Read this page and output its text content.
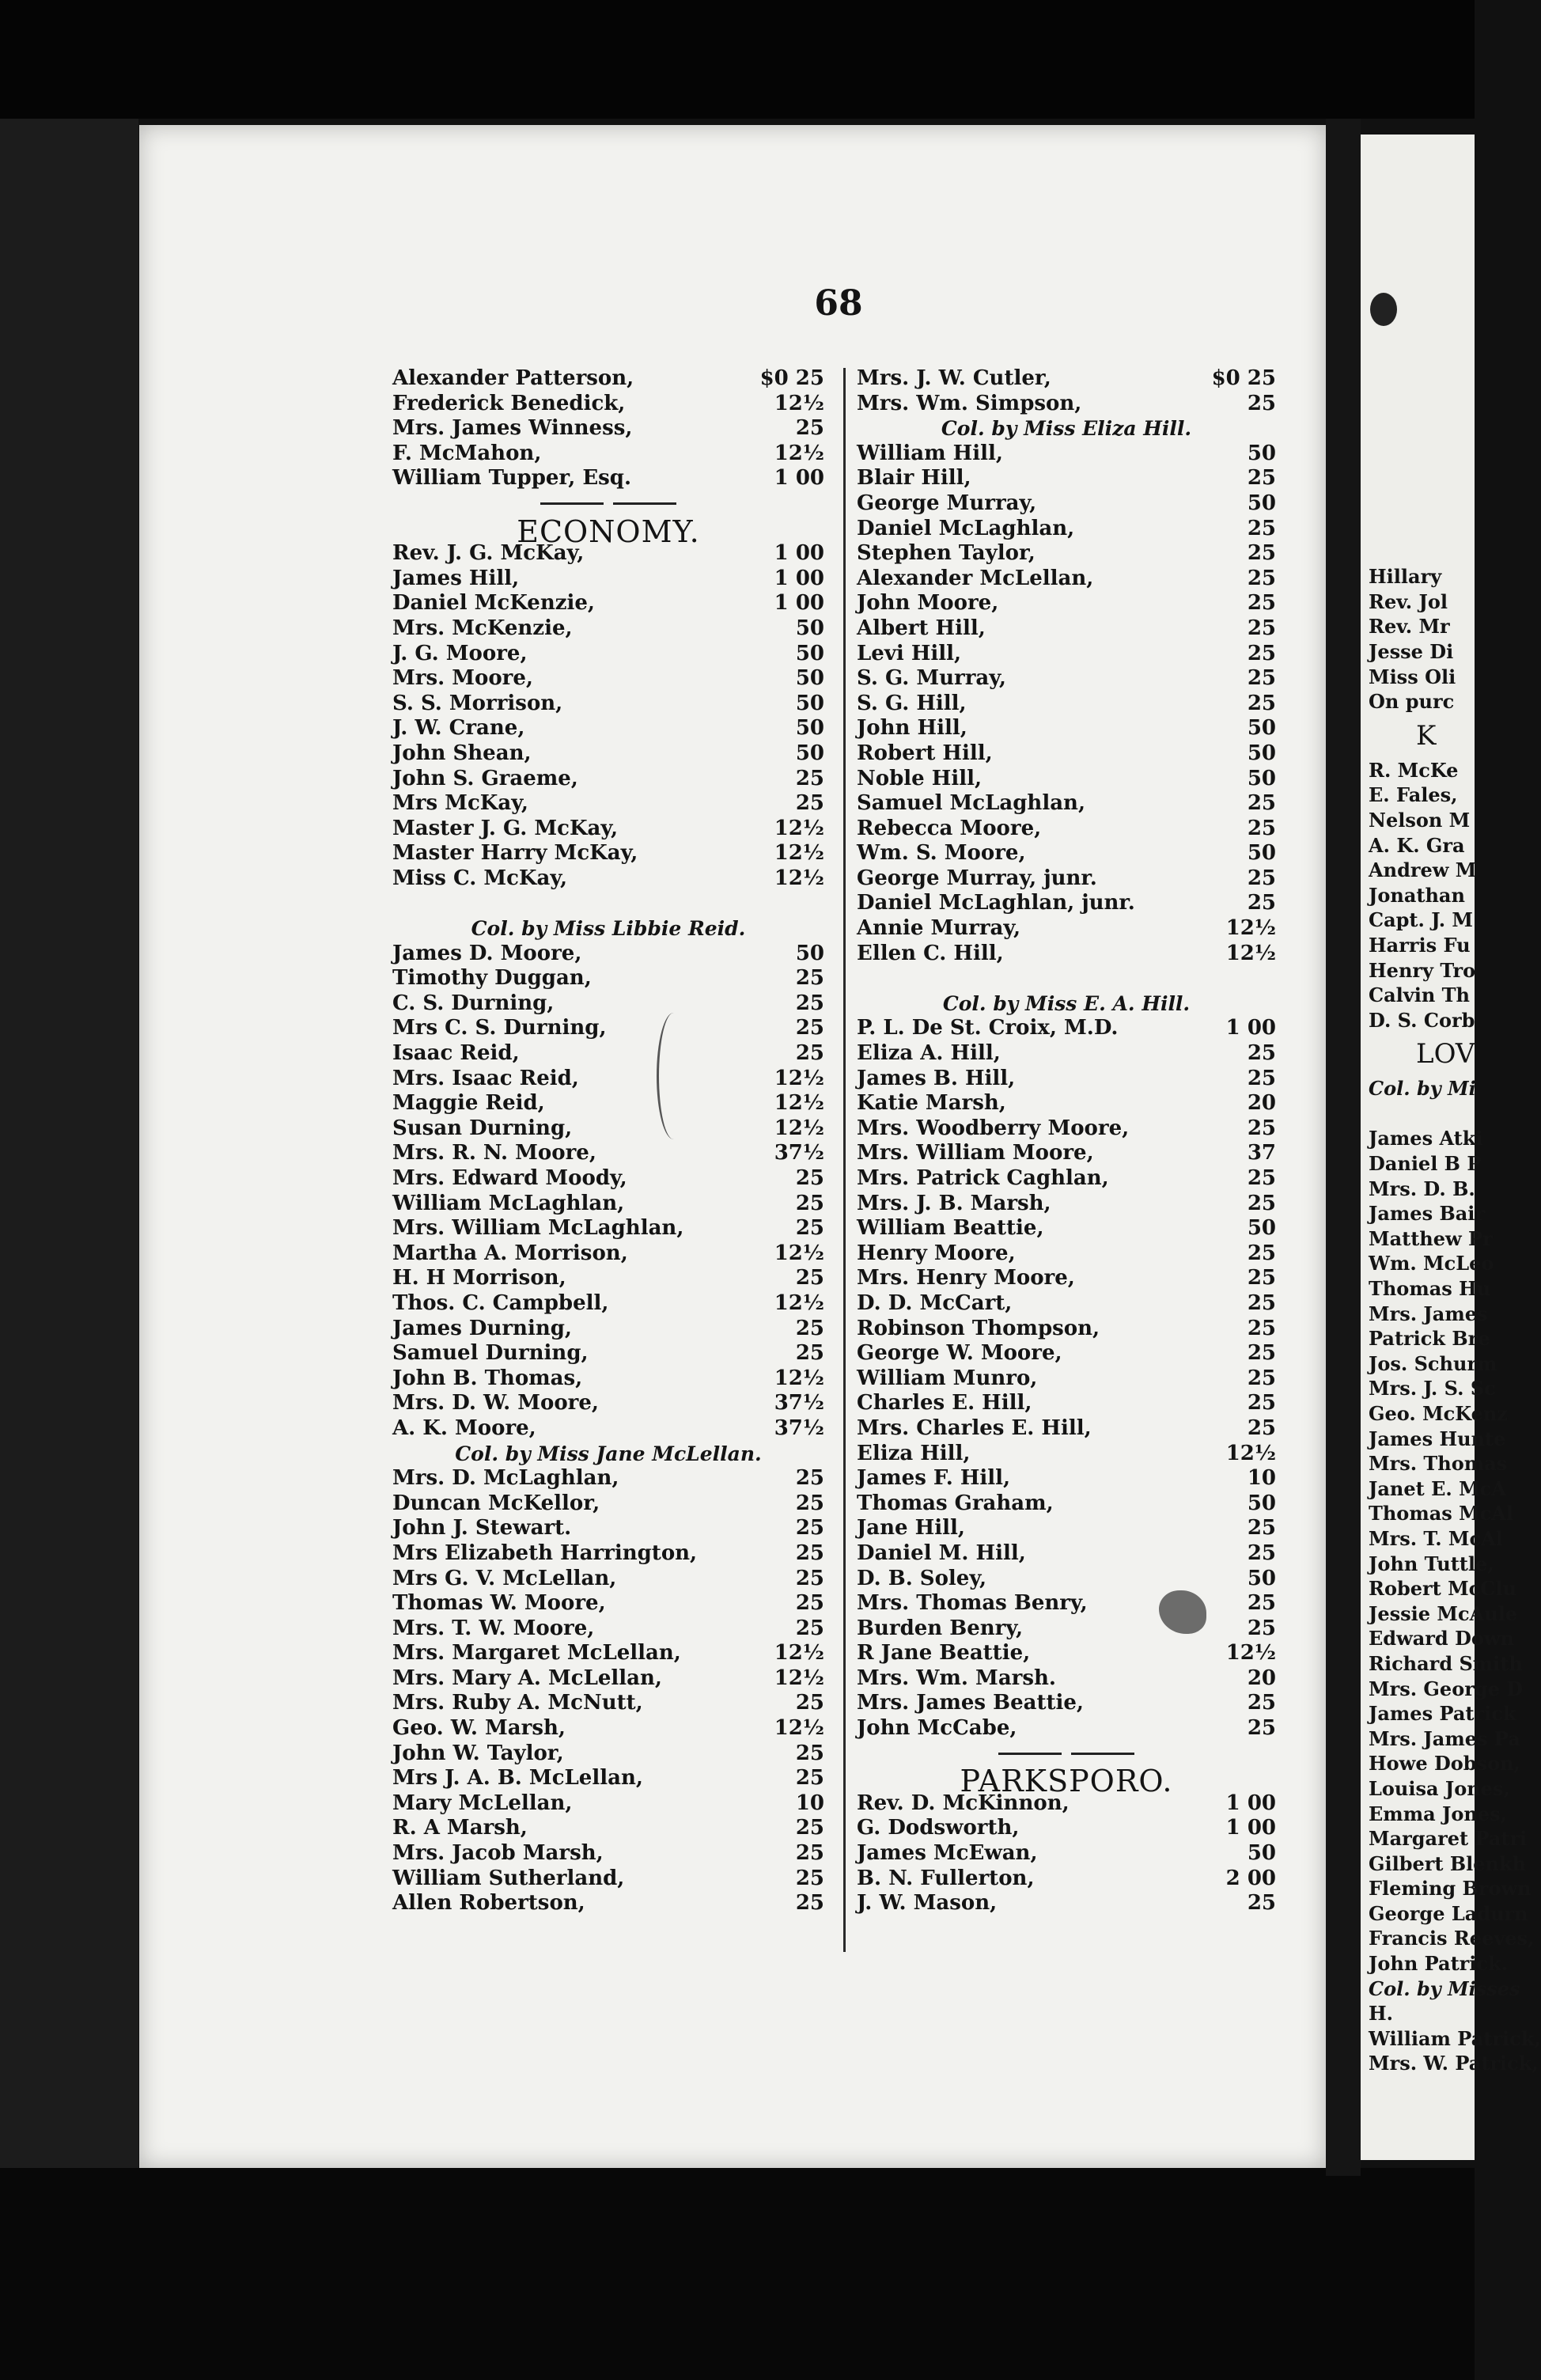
Hillary
Rev. Jol
Rev. Mr
Jesse Di
Miss Oli
On purc
K
R. McKe
E. Fales,
Nelson M
A. K. Gra
Andrew M
Jonathan
Capt. J. M
Harris Fu
Henry Tro
Calvin Th
D. S. Corb
LOV
Col. by Mi
James Atki
Daniel B P
Mrs. D. B.
James Bair
Matthew Pr
Wm. McLeo
Thomas Hu
Mrs. James
Patrick Bre
Jos. Schurm
Mrs. J. S. Sc
Geo. McKenz
James Hunte
Mrs. Thomas
Janet E. McA
Thomas McAl
Mrs. T. McAl
John Tuttle,
Robert McClu
Jessie McAule
Edward Down
Richard Smith
Mrs. George D
James Patrick
Mrs. James Pa
Howe Dobson,
Louisa Jones,
Emma Jones,
Margaret Patri
Gilbert Blenkh
Fleming Brown
George Ladurn
Francis Reeves,
John Patrick.
Col. by Misses
H.
William Patrick,
Mrs. W. Patrick,
68
Alexander Patterson,	$0 25
Frederick Benedick,	12½
Mrs. James Winness,	25
F. McMahon,	12½
William Tupper, Esq.	1 00
ECONOMY.
Rev. J. G. McKay,	1 00
James Hill,	1 00
Daniel McKenzie,	1 00
Mrs. McKenzie,	50
J. G. Moore,	50
Mrs. Moore,	50
S. S. Morrison,	50
J. W. Crane,	50
John Shean,	50
John S. Graeme,	25
Mrs McKay,	25
Master J. G. McKay,	12½
Master Harry McKay,	12½
Miss C. McKay,	12½
Col. by Miss Libbie Reid.
James D. Moore,	50
Timothy Duggan,	25
C. S. Durning,	25
Mrs C. S. Durning,	25
Isaac Reid,	25
Mrs. Isaac Reid,	12½
Maggie Reid,	12½
Susan Durning,	12½
Mrs. R. N. Moore,	37½
Mrs. Edward Moody,	25
William McLaghlan,	25
Mrs. William McLaghlan,	25
Martha A. Morrison,	12½
H. H Morrison,	25
Thos. C. Campbell,	12½
James Durning,	25
Samuel Durning,	25
John B. Thomas,	12½
Mrs. D. W. Moore,	37½
A. K. Moore,	37½
Col. by Miss Jane McLellan.
Mrs. D. McLaghlan,	25
Duncan McKellor,	25
John J. Stewart.	25
Mrs Elizabeth Harrington,	25
Mrs G. V. McLellan,	25
Thomas W. Moore,	25
Mrs. T. W. Moore,	25
Mrs. Margaret McLellan,	12½
Mrs. Mary A. McLellan,	12½
Mrs. Ruby A. McNutt,	25
Geo. W. Marsh,	12½
John W. Taylor,	25
Mrs J. A. B. McLellan,	25
Mary McLellan,	10
R. A Marsh,	25
Mrs. Jacob Marsh,	25
William Sutherland,	25
Allen Robertson,	25
Mrs. J. W. Cutler,	$0 25
Mrs. Wm. Simpson,	25
Col. by Miss Eliza Hill.
William Hill,	50
Blair Hill,	25
George Murray,	50
Daniel McLaghlan,	25
Stephen Taylor,	25
Alexander McLellan,	25
John Moore,	25
Albert Hill,	25
Levi Hill,	25
S. G. Murray,	25
S. G. Hill,	25
John Hill,	50
Robert Hill,	50
Noble Hill,	50
Samuel McLaghlan,	25
Rebecca Moore,	25
Wm. S. Moore,	50
George Murray, junr.	25
Daniel McLaghlan, junr.	25
Annie Murray,	12½
Ellen C. Hill,	12½
Col. by Miss E. A. Hill.
P. L. De St. Croix, M.D.	1 00
Eliza A. Hill,	25
James B. Hill,	25
Katie Marsh,	20
Mrs. Woodberry Moore,	25
Mrs. William Moore,	37
Mrs. Patrick Caghlan,	25
Mrs. J. B. Marsh,	25
William Beattie,	50
Henry Moore,	25
Mrs. Henry Moore,	25
D. D. McCart,	25
Robinson Thompson,	25
George W. Moore,	25
William Munro,	25
Charles E. Hill,	25
Mrs. Charles E. Hill,	25
Eliza Hill,	12½
James F. Hill,	10
Thomas Graham,	50
Jane Hill,	25
Daniel M. Hill,	25
D. B. Soley,	50
Mrs. Thomas Benry,	25
Burden Benry,	25
R Jane Beattie,	12½
Mrs. Wm. Marsh.	20
Mrs. James Beattie,	25
John McCabe,	25
PARKSPORO.
Rev. D. McKinnon,	1 00
G. Dodsworth,	1 00
James McEwan,	50
B. N. Fullerton,	2 00
J. W. Mason,	25
